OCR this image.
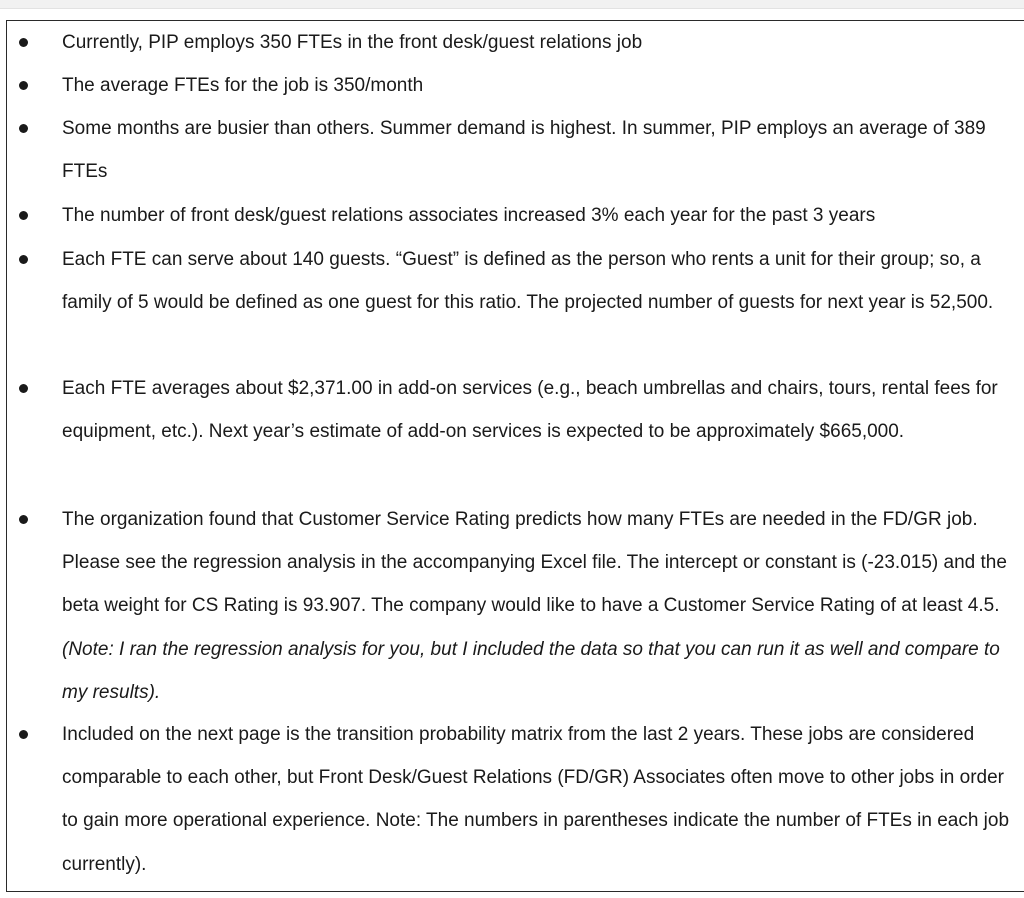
Currently, PIP employs 350 FTEs in the front desk/guest relations job
The average FTEs for the job is 350/month
Some months are busier than others. Summer demand is highest. In summer, PIP employs an average of 389 FTEs
The number of front desk/guest relations associates increased 3% each year for the past 3 years
Each FTE can serve about 140 guests. “Guest” is defined as the person who rents a unit for their group; so, a family of 5 would be defined as one guest for this ratio. The projected number of guests for next year is 52,500.
Each FTE averages about $2,371.00 in add-on services (e.g., beach umbrellas and chairs, tours, rental fees for equipment, etc.). Next year’s estimate of add-on services is expected to be approximately $665,000.
The organization found that Customer Service Rating predicts how many FTEs are needed in the FD/GR job. Please see the regression analysis in the accompanying Excel file. The intercept or constant is (-23.015) and the beta weight for CS Rating is 93.907. The company would like to have a Customer Service Rating of at least 4.5. (Note: I ran the regression analysis for you, but I included the data so that you can run it as well and compare to my results).
Included on the next page is the transition probability matrix from the last 2 years. These jobs are considered comparable to each other, but Front Desk/Guest Relations (FD/GR) Associates often move to other jobs in order to gain more operational experience. Note: The numbers in parentheses indicate the number of FTEs in each job currently).
